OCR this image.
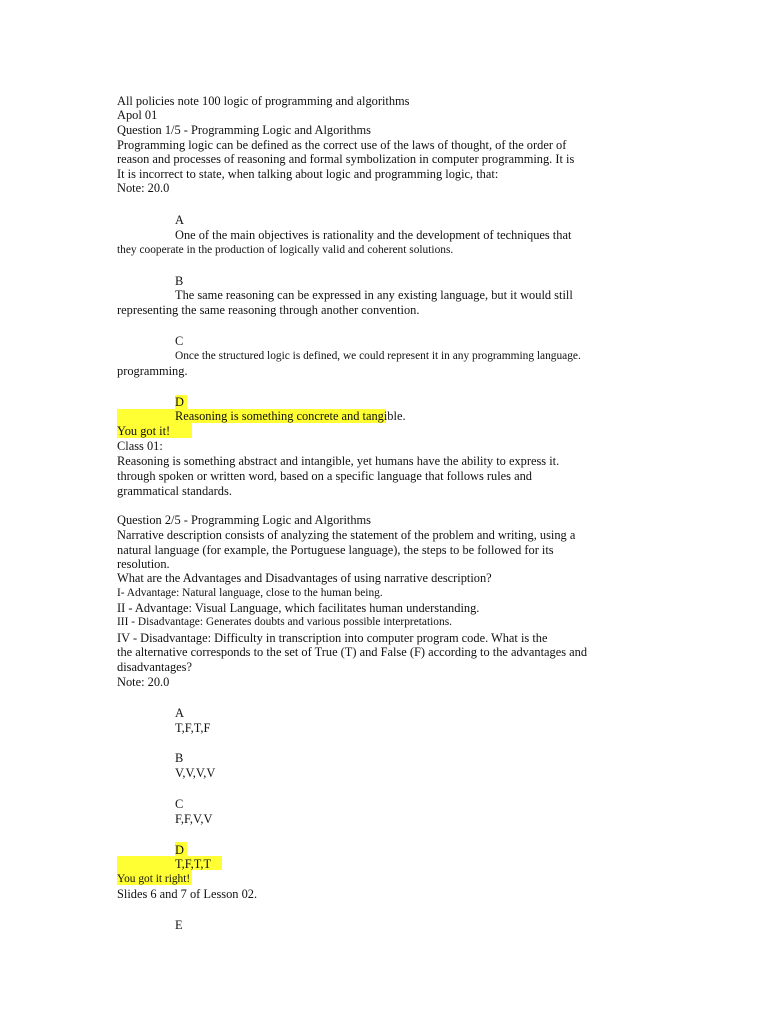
All policies note 100 logic of programming and algorithms
Apol 01
Question 1/5 - Programming Logic and Algorithms
Programming logic can be defined as the correct use of the laws of thought, of the order of
reason and processes of reasoning and formal symbolization in computer programming. It is
It is incorrect to state, when talking about logic and programming logic, that:
Note: 20.0
A
One of the main objectives is rationality and the development of techniques that
they cooperate in the production of logically valid and coherent solutions.
B
The same reasoning can be expressed in any existing language, but it would still
representing the same reasoning through another convention.
C
Once the structured logic is defined, we could represent it in any programming language.
programming.
D
Reasoning is something concrete and tangible.
You got it!
Class 01:
Reasoning is something abstract and intangible, yet humans have the ability to express it.
through spoken or written word, based on a specific language that follows rules and
grammatical standards.
Question 2/5 - Programming Logic and Algorithms
Narrative description consists of analyzing the statement of the problem and writing, using a
natural language (for example, the Portuguese language), the steps to be followed for its
resolution.
What are the Advantages and Disadvantages of using narrative description?
I- Advantage: Natural language, close to the human being.
II - Advantage: Visual Language, which facilitates human understanding.
III - Disadvantage: Generates doubts and various possible interpretations.
IV - Disadvantage: Difficulty in transcription into computer program code. What is the
the alternative corresponds to the set of True (T) and False (F) according to the advantages and
disadvantages?
Note: 20.0
A
T,F,T,F
B
V,V,V,V
C
F,F,V,V
D
T,F,T,T
You got it right!
Slides 6 and 7 of Lesson 02.
E
